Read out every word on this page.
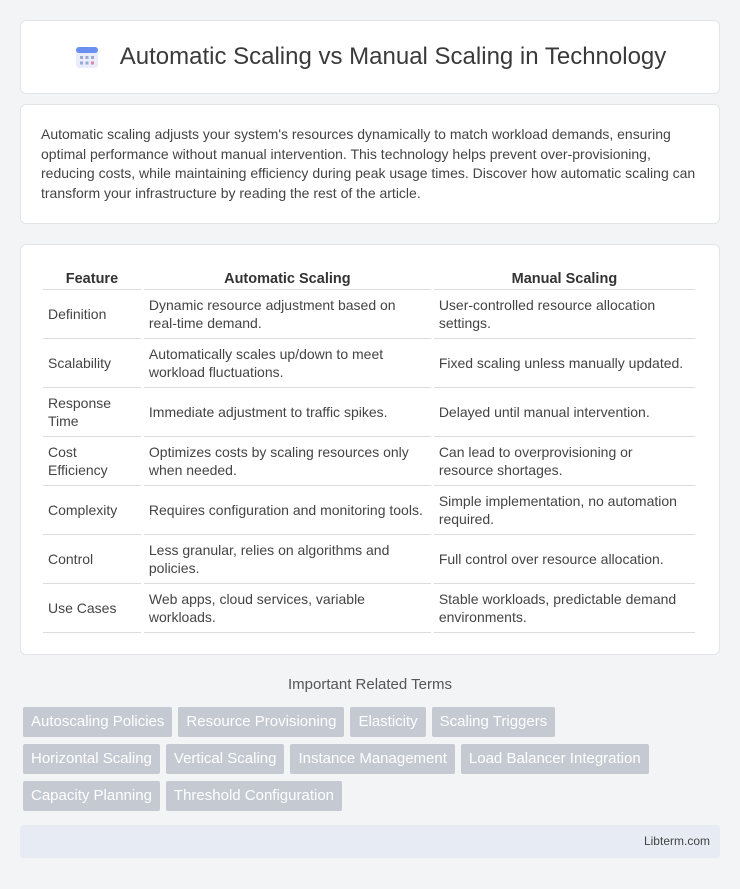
Automatic Scaling vs Manual Scaling in Technology

Automatic scaling adjusts your system's resources dynamically to match workload demands, ensuring optimal performance without manual intervention. This technology helps prevent over-provisioning, reducing costs, while maintaining efficiency during peak usage times. Discover how automatic scaling can transform your infrastructure by reading the rest of the article.

Feature	Automatic Scaling	Manual Scaling
Definition	Dynamic resource adjustment based on real-time demand.	User-controlled resource allocation settings.
Scalability	Automatically scales up/down to meet workload fluctuations.	Fixed scaling unless manually updated.
Response Time	Immediate adjustment to traffic spikes.	Delayed until manual intervention.
Cost Efficiency	Optimizes costs by scaling resources only when needed.	Can lead to overprovisioning or resource shortages.
Complexity	Requires configuration and monitoring tools.	Simple implementation, no automation required.
Control	Less granular, relies on algorithms and policies.	Full control over resource allocation.
Use Cases	Web apps, cloud services, variable workloads.	Stable workloads, predictable demand environments.
Important Related Terms
Autoscaling Policies	Resource Provisioning	Elasticity	Scaling Triggers
Horizontal Scaling	Vertical Scaling	Instance Management	Load Balancer Integration
Capacity Planning	Threshold Configuration
Libterm.com
